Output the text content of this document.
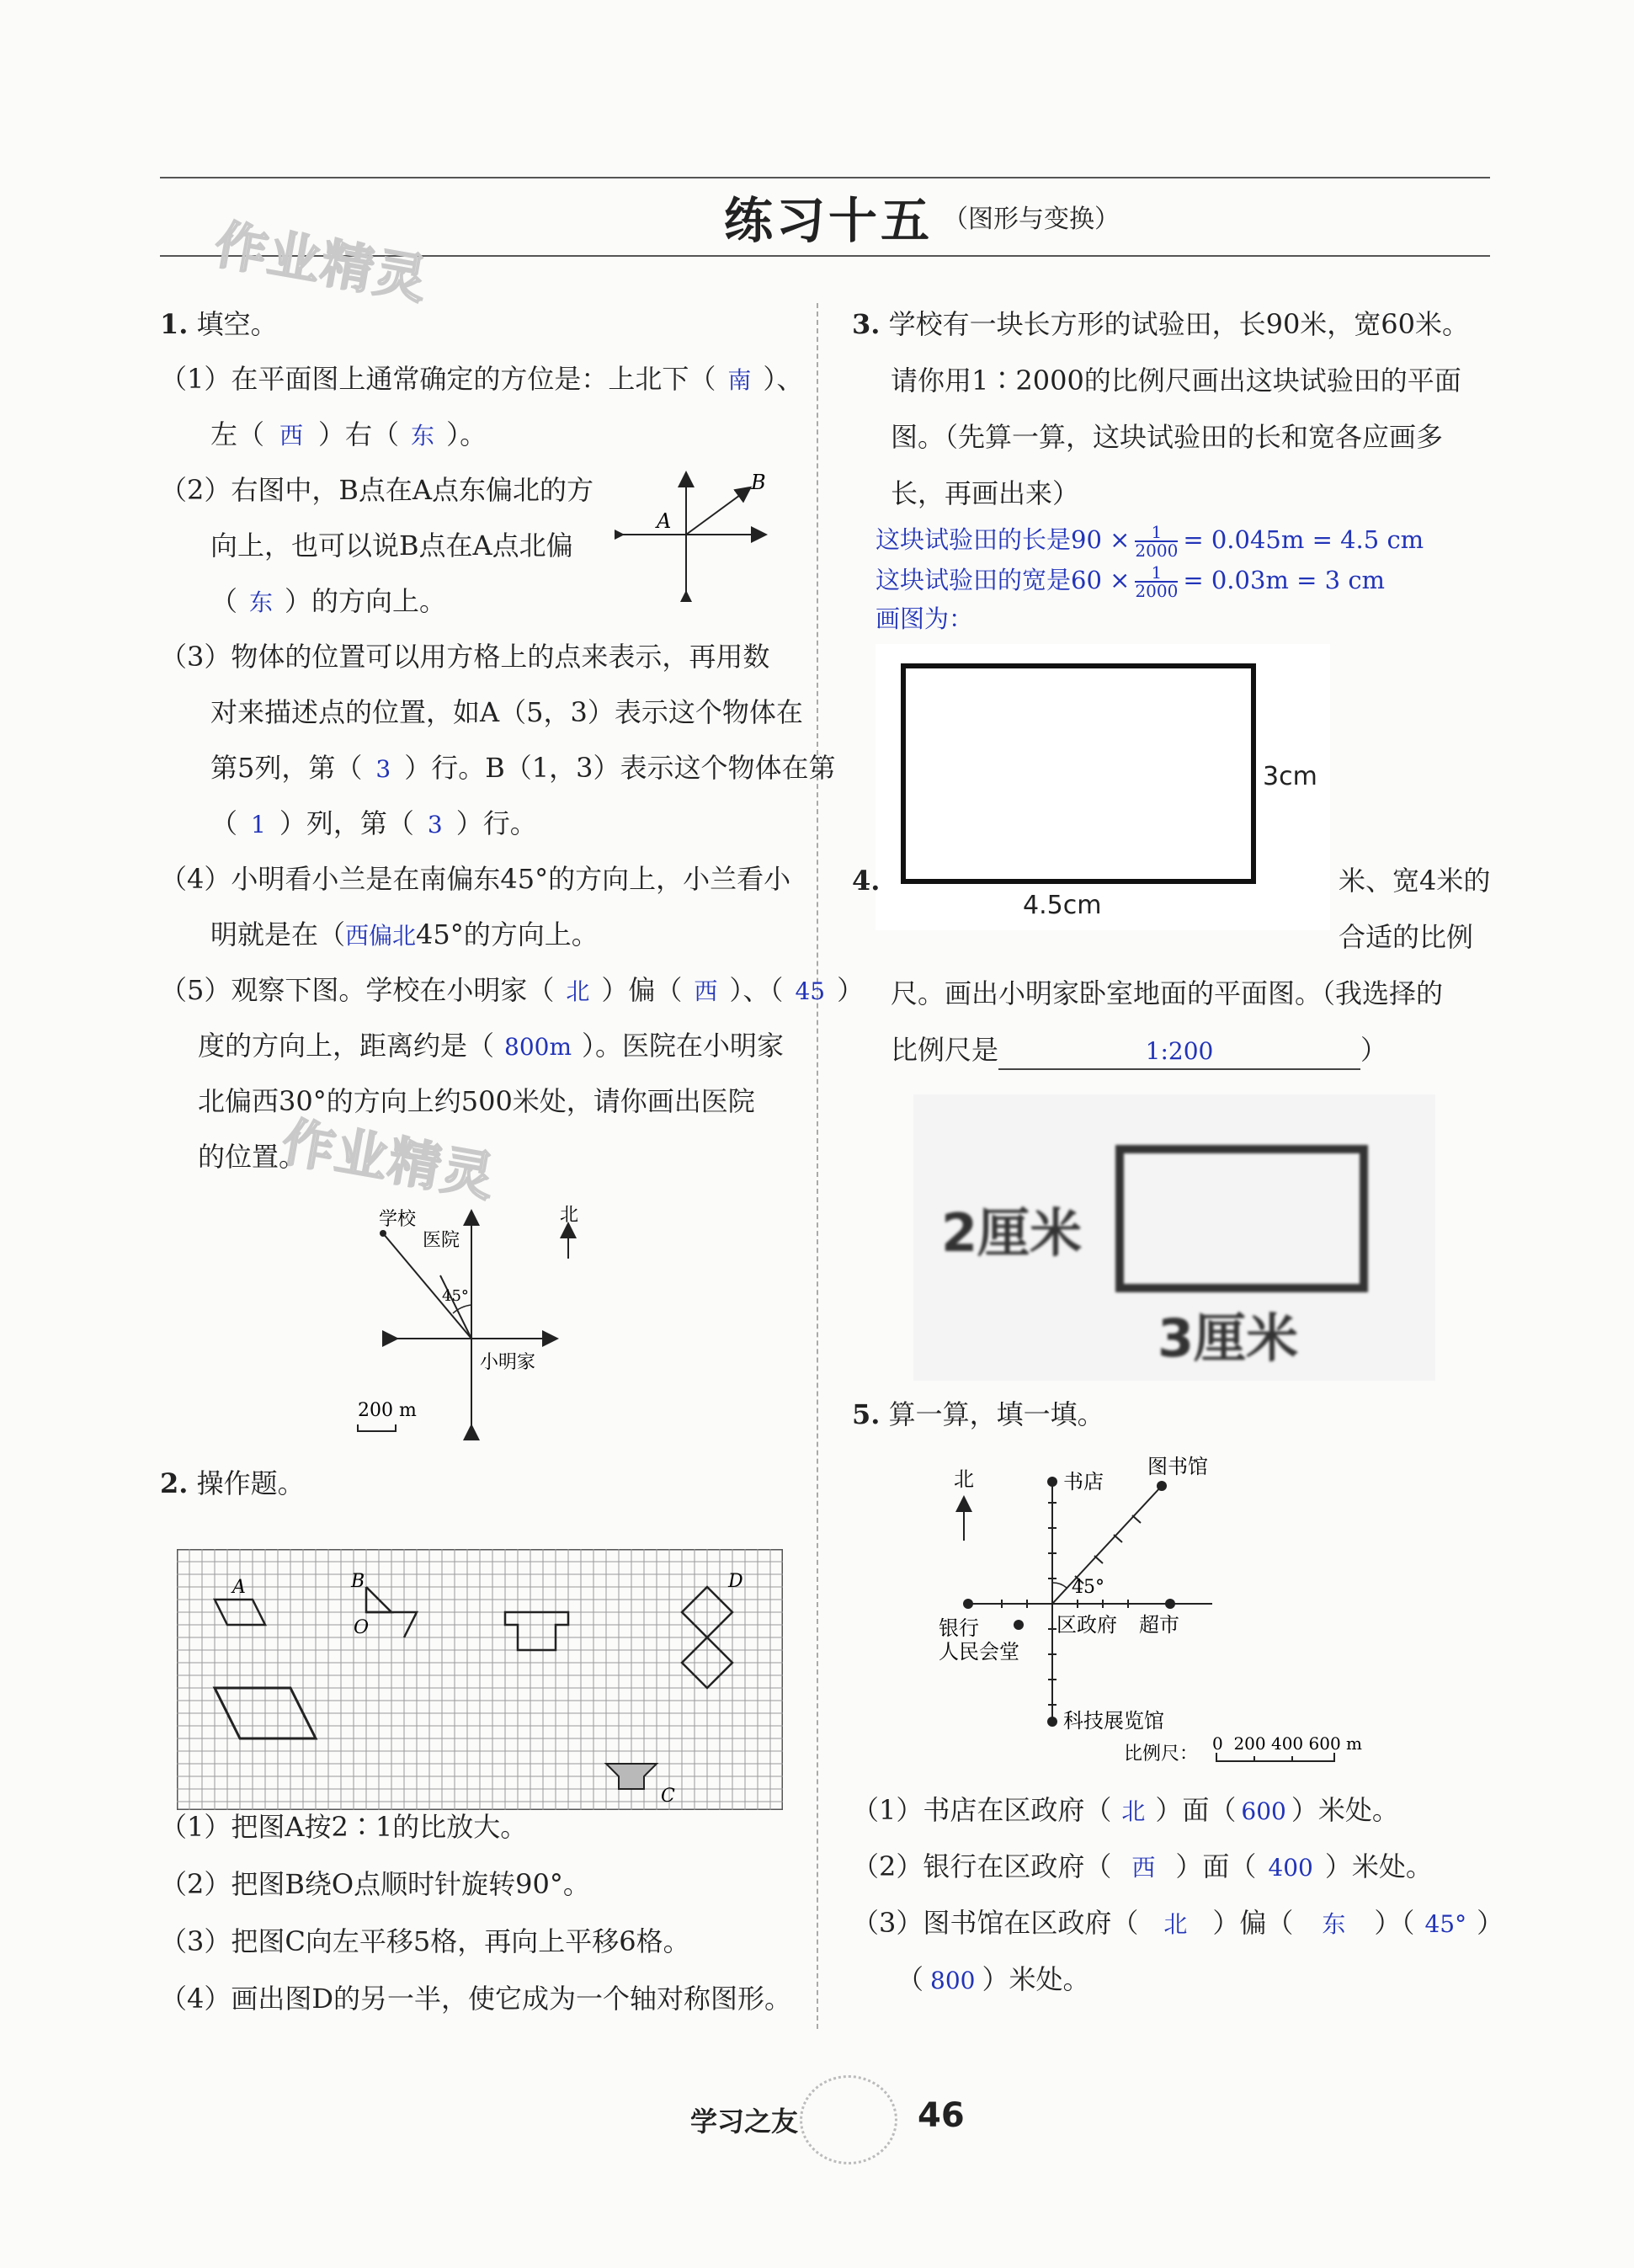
练习十五 （图形与变换）
作业精灵
作业精灵
1. 填空。
（1）在平面图上通常确定的方位是：上北下（ 南 ）、
左（ 西 ）右（ 东 ）。
（2）右图中，B点在A点东偏北的方
向上，也可以说B点在A点北偏
（ 东 ）的方向上。
A
B
（3）物体的位置可以用方格上的点来表示，再用数
对来描述点的位置，如A（5，3）表示这个物体在
第5列，第（ 3 ）行。B（1，3）表示这个物体在第
（ 1 ）列，第（ 3 ）行。
（4）小明看小兰是在南偏东45°的方向上，小兰看小
明就是在（西偏北45°的方向上。
（5）观察下图。学校在小明家（ 北 ）偏（ 西 ）、（ 45 ）
度的方向上，距离约是（ 800m ）。医院在小明家
北偏西30°的方向上约500米处，请你画出医院
的位置。
学校
医院
北
45°
小明家
200 m
2. 操作题。
A	B
O
C
D
（1）把图A按2∶1的比放大。
（2）把图B绕O点顺时针旋转90°。
（3）把图C向左平移5格，再向上平移6格。
（4）画出图D的另一半，使它成为一个轴对称图形。
3. 学校有一块长方形的试验田，长90米，宽60米。
请你用1∶2000的比例尺画出这块试验田的平面
图。（先算一算，这块试验田的长和宽各应画多
长，再画出来）
这块试验田的长是$90 \times \frac{1}{2000} = 0.045m = 4.5$ cm
这块试验田的宽是$60 \times \frac{1}{2000} = 0.03m = 3$ cm
画图为：
3cm
4.5cm
4.	米、宽4米的
合适的比例
尺。画出小明家卧室地面的平面图。（我选择的
比例尺是	1:200	）
2厘米
3厘米
5. 算一算，填一填。
北	书店
图书馆
45°
银行	区政府 超市
人民会堂
科技展览馆
比例尺： 0  200 400 600 m
（1）书店在区政府（ 北 ）面（ 600 ）米处。
（2）银行在区政府（ 西 ）面（ 400 ）米处。
（3）图书馆在区政府（ 北 ）偏（ 东 ）（ 45° ）
（ 800 ）米处。
学习之友	46
